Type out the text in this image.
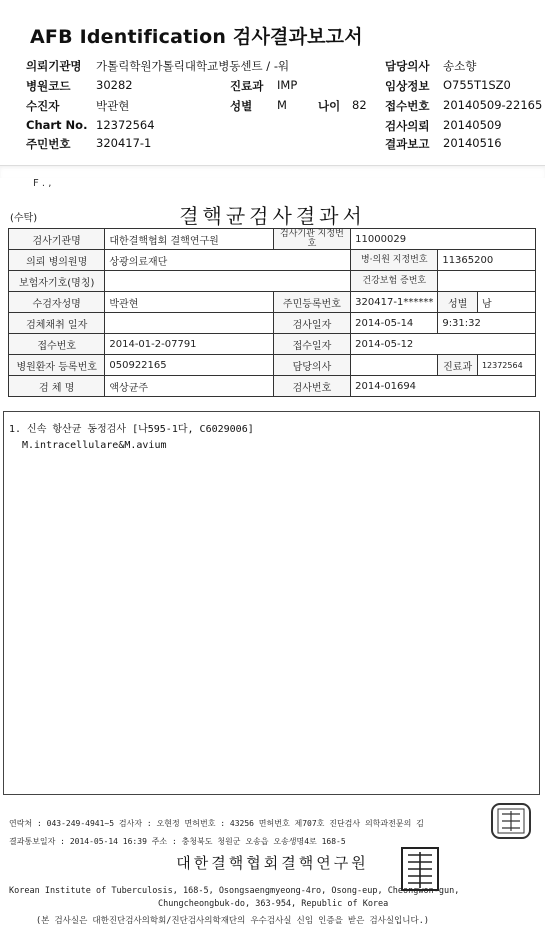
AFB Identification 검사결과보고서
의뢰기관명 가톨릭학원가톨릭대학교병동센트 / -워	담당의사 송소향
병원코드 30282	진료과 IMP	임상정보 O755T1SZ0
수진자	박관현	성별 M	나이 82 접수번호 20140509-22165
Chart No. 12372564	검사의뢰 20140509
주민번호 320417-1	결과보고 20140516
F . ,
(수탁)	결핵균검사결과서
검사기관명	대한결핵협회 결핵연구원	검사기관 지정번호	11000029		
의뢰 병의원명	상광의료재단		병·의원 지정번호	11365200	
보험자기호(명칭)			건강보험 증번호		
수검자성명	박관현	주민등록번호	320417-1******	성별	남
검체채취 일자		검사일자	2014-05-14	9:31:32	
접수번호	2014-01-2-07791	접수일자	2014-05-12		
병원환자 등록번호	050922165	담당의사		진료과	12372564
검 체 명	액상균주	검사번호	2014-01694		
1. 신속 항산균 동정검사 [나595-1다, C6029006]
M.intracellulare&M.avium
연락처 : 043-249-4941~5 검사자 : 오현정 면허번호 : 43256 면허번호 제707호 진단검사 의학과전문의 김
결과통보일자 : 2014-05-14 16:39 주소 : 충청북도 청원군 오송읍 오송생명4로 168-5
대한결핵협회결핵연구원
Korean Institute of Tuberculosis, 168-5, Osongsaengmyeong-4ro, Osong-eup, Cheongwon-gun,
Chungcheongbuk-do, 363-954, Republic of Korea
(본 검사실은 대한진단검사의학회/진단검사의학재단의 우수검사실 신임 인증을 받은 검사실입니다.)
